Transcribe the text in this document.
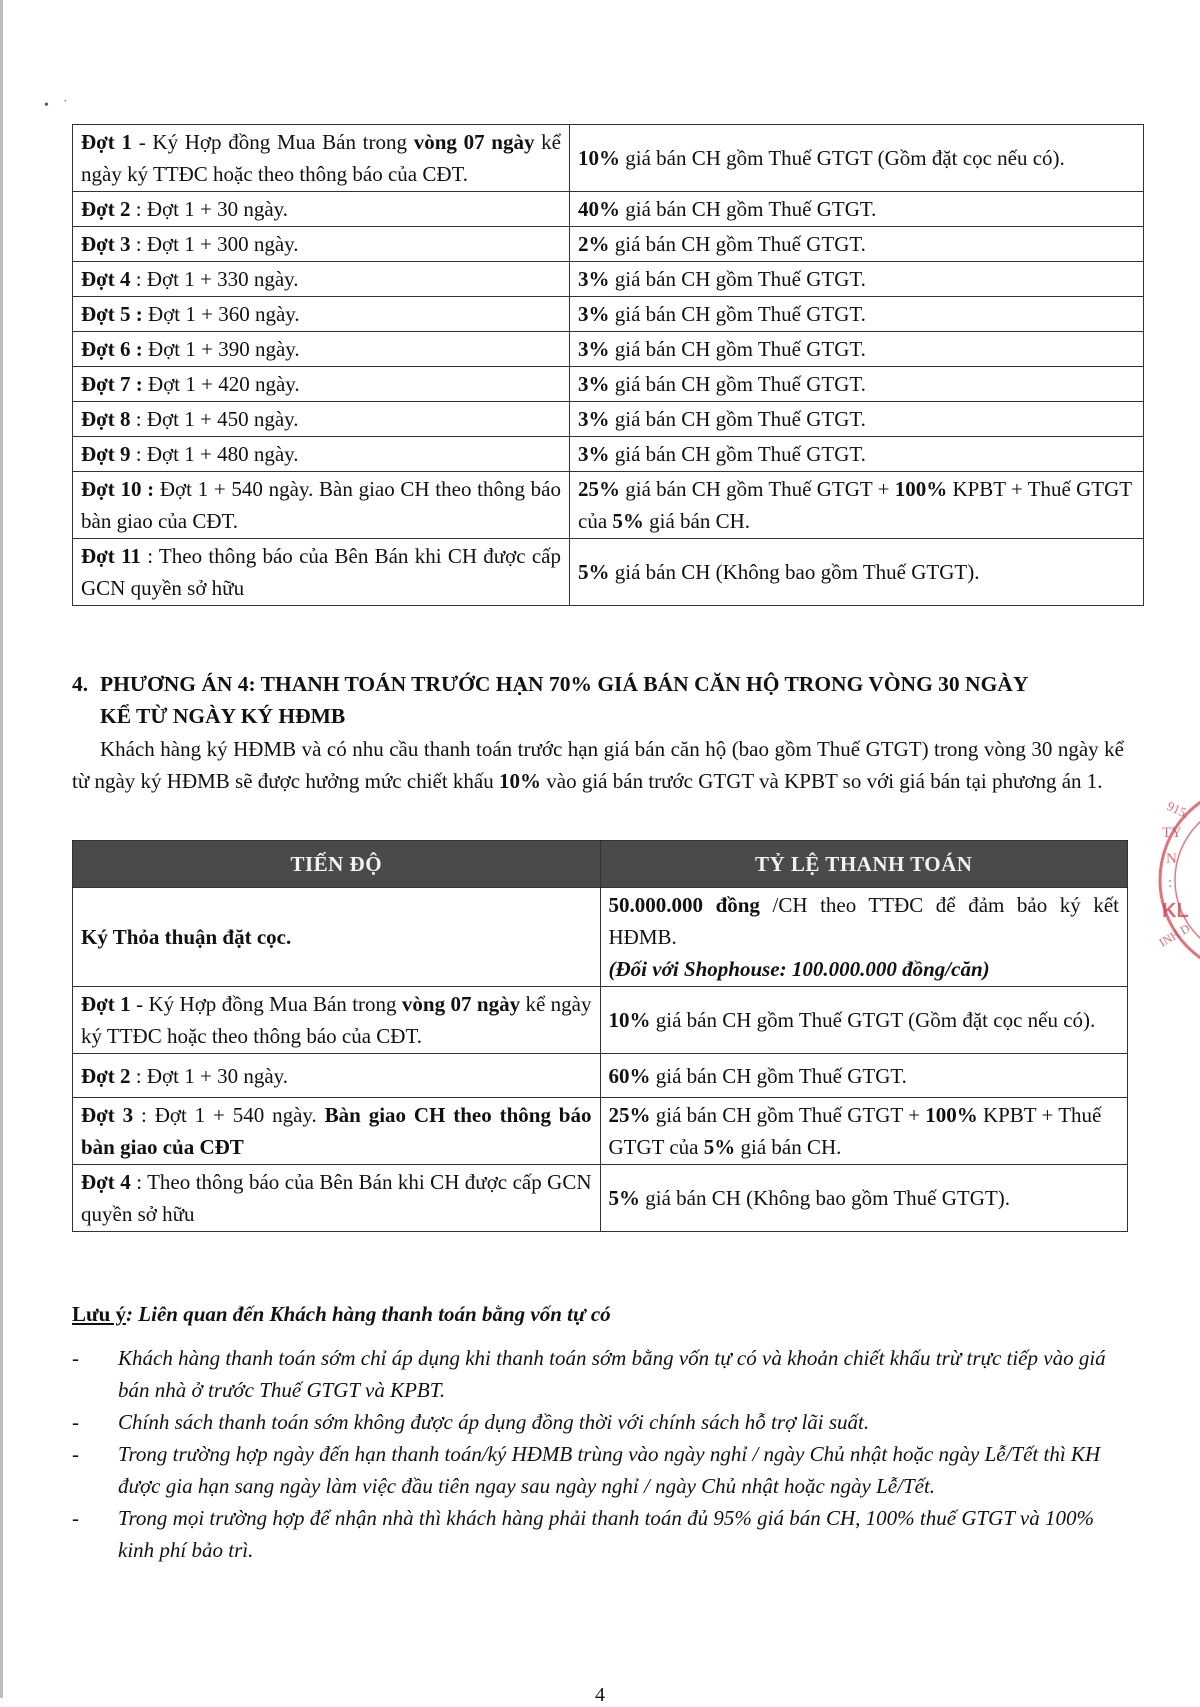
•    ˙
Đợt 1 - Ký Hợp đồng Mua Bán trong vòng 07 ngày kể ngày ký TTĐC hoặc theo thông báo của CĐT.	10% giá bán CH gồm Thuế GTGT (Gồm đặt cọc nếu có).
Đợt 2 : Đợt 1 + 30 ngày.	40% giá bán CH gồm Thuế GTGT.
Đợt 3 : Đợt 1 + 300 ngày.	2% giá bán CH gồm Thuế GTGT.
Đợt 4 : Đợt 1 + 330 ngày.	3% giá bán CH gồm Thuế GTGT.
Đợt 5 : Đợt 1 + 360 ngày.	3% giá bán CH gồm Thuế GTGT.
Đợt 6 : Đợt 1 + 390 ngày.	3% giá bán CH gồm Thuế GTGT.
Đợt 7 : Đợt 1 + 420 ngày.	3% giá bán CH gồm Thuế GTGT.
Đợt 8 : Đợt 1 + 450 ngày.	3% giá bán CH gồm Thuế GTGT.
Đợt 9 : Đợt 1 + 480 ngày.	3% giá bán CH gồm Thuế GTGT.
Đợt 10 : Đợt 1 + 540 ngày. Bàn giao CH theo thông báo bàn giao của CĐT.	25% giá bán CH gồm Thuế GTGT + 100% KPBT + Thuế GTGT của 5% giá bán CH.
Đợt 11 : Theo thông báo của Bên Bán khi CH được cấp GCN quyền sở hữu	5% giá bán CH (Không bao gồm Thuế GTGT).
4. PHƯƠNG ÁN 4: THANH TOÁN TRƯỚC HẠN 70% GIÁ BÁN CĂN HỘ TRONG VÒNG 30 NGÀY
KỂ TỪ NGÀY KÝ HĐMB
Khách hàng ký HĐMB và có nhu cầu thanh toán trước hạn giá bán căn hộ (bao gồm Thuế GTGT) trong vòng 30 ngày kể từ ngày ký HĐMB sẽ được hưởng mức chiết khấu 10% vào giá bán trước GTGT và KPBT so với giá bán tại phương án 1.
TIẾN ĐỘ	TỶ LỆ THANH TOÁN
Ký Thỏa thuận đặt cọc.	50.000.000 đồng /CH theo TTĐC để đảm bảo ký kết HĐMB.
(Đối với Shophouse: 100.000.000 đồng/căn)
Đợt 1 - Ký Hợp đồng Mua Bán trong vòng 07 ngày kể ngày ký TTĐC hoặc theo thông báo của CĐT.	10% giá bán CH gồm Thuế GTGT (Gồm đặt cọc nếu có).
Đợt 2 : Đợt 1 + 30 ngày.	60% giá bán CH gồm Thuế GTGT.
Đợt 3 : Đợt 1 + 540 ngày. Bàn giao CH theo thông báo bàn giao của CĐT	25% giá bán CH gồm Thuế GTGT + 100% KPBT + Thuế GTGT của 5% giá bán CH.
Đợt 4 : Theo thông báo của Bên Bán khi CH được cấp GCN quyền sở hữu	5% giá bán CH (Không bao gồm Thuế GTGT).
Lưu ý: Liên quan đến Khách hàng thanh toán bằng vốn tự có
- Khách hàng thanh toán sớm chỉ áp dụng khi thanh toán sớm bằng vốn tự có và khoản chiết khấu trừ trực tiếp vào giá bán nhà ở trước Thuế GTGT và KPBT.
- Chính sách thanh toán sớm không được áp dụng đồng thời với chính sách hỗ trợ lãi suất.
- Trong trường hợp ngày đến hạn thanh toán/ký HĐMB trùng vào ngày nghỉ / ngày Chủ nhật hoặc ngày Lễ/Tết thì KH được gia hạn sang ngày làm việc đầu tiên ngay sau ngày nghỉ / ngày Chủ nhật hoặc ngày Lễ/Tết.
- Trong mọi trường hợp để nhận nhà thì khách hàng phải thanh toán đủ 95% giá bán CH, 100% thuế GTGT và 100% kinh phí bảo trì.
915.
TY
N
:
KL
INH D
4
